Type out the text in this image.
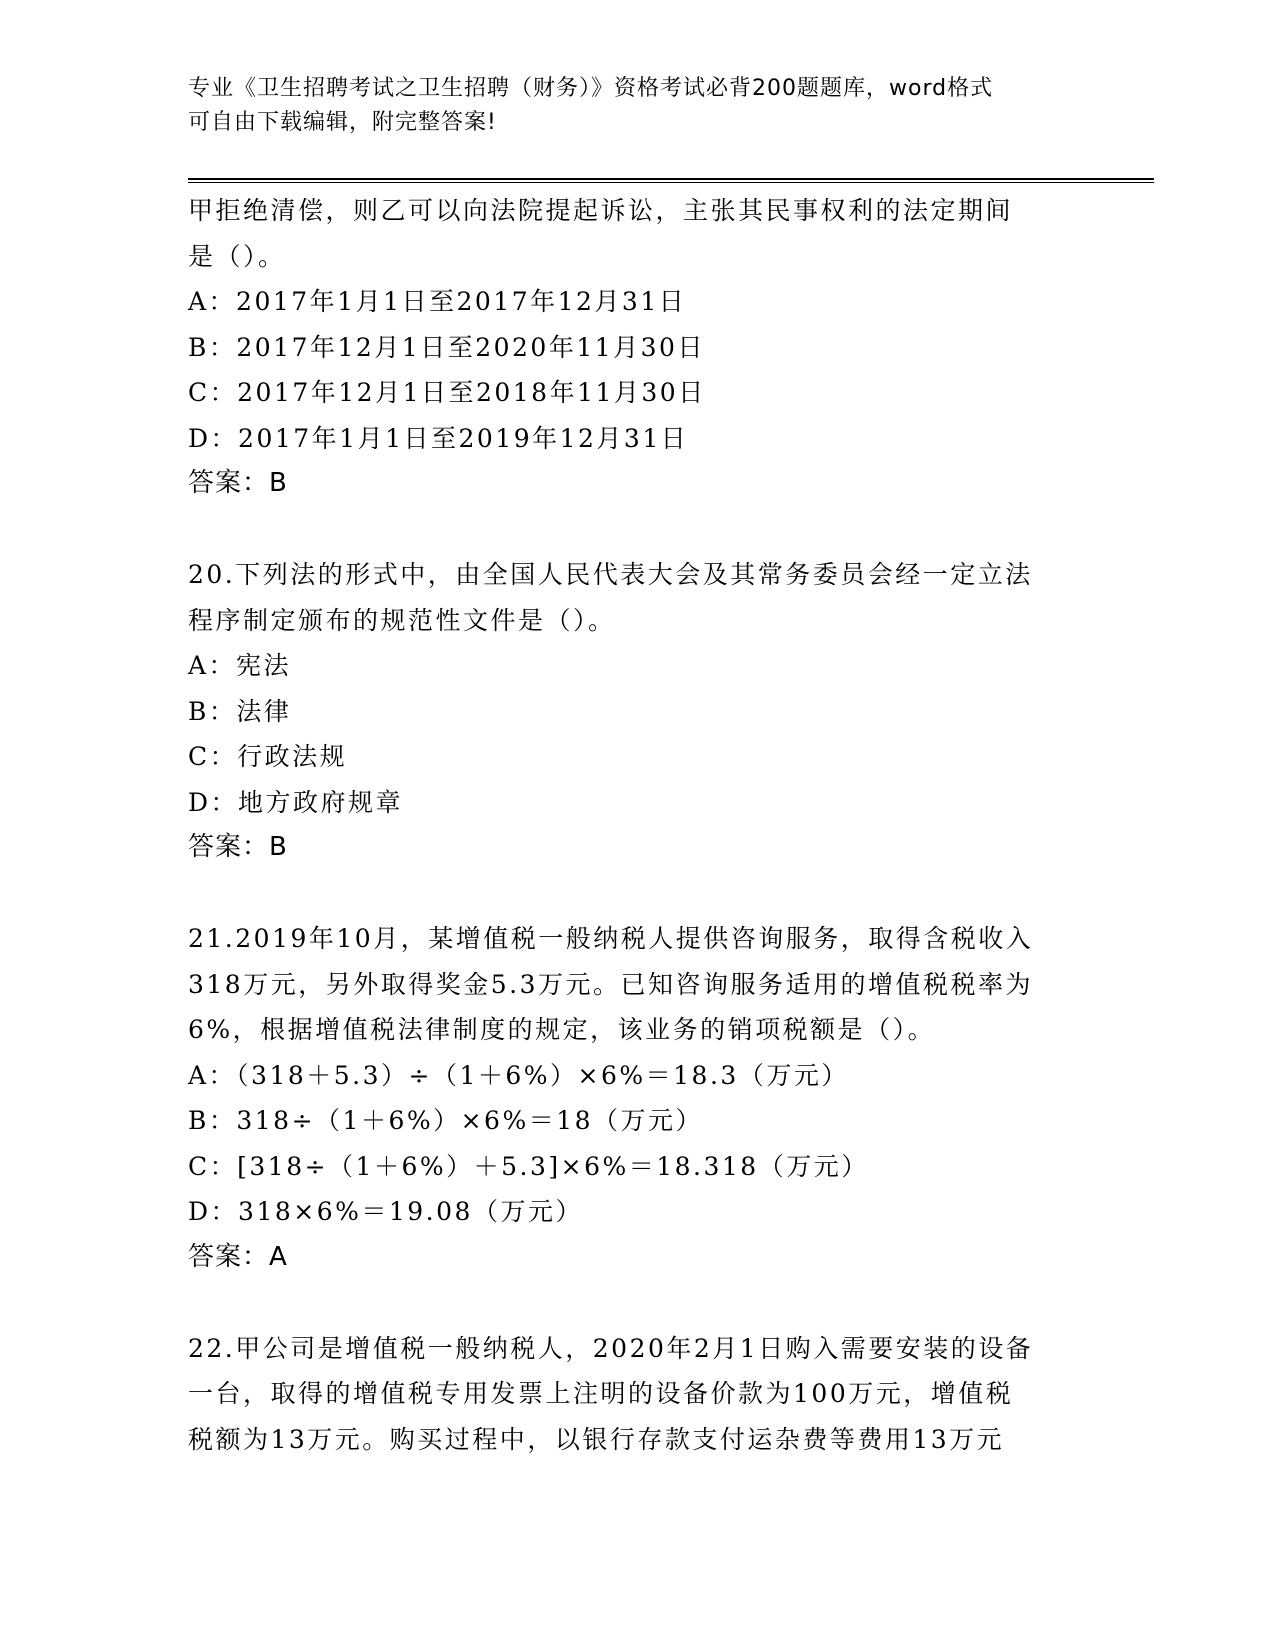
专业《卫生招聘考试之卫生招聘（财务）》资格考试必背200题题库，word格式
可自由下载编辑，附完整答案!
甲拒绝清偿，则乙可以向法院提起诉讼，主张其民事权利的法定期间
是（）。
A：2017年1月1日至2017年12月31日
B：2017年12月1日至2020年11月30日
C：2017年12月1日至2018年11月30日
D：2017年1月1日至2019年12月31日
答案：B
20.下列法的形式中，由全国人民代表大会及其常务委员会经一定立法
程序制定颁布的规范性文件是（）。
A：宪法
B：法律
C：行政法规
D：地方政府规章
答案：B
21.2019年10月，某增值税一般纳税人提供咨询服务，取得含税收入
318万元，另外取得奖金5.3万元。已知咨询服务适用的增值税税率为
6%，根据增值税法律制度的规定，该业务的销项税额是（）。
A：（318＋5.3）÷（1＋6%）×6%＝18.3（万元）
B：318÷（1＋6%）×6%＝18（万元）
C：[318÷（1＋6%）＋5.3]×6%＝18.318（万元）
D：318×6%＝19.08（万元）
答案：A
22.甲公司是增值税一般纳税人，2020年2月1日购入需要安装的设备
一台，取得的增值税专用发票上注明的设备价款为100万元，增值税
税额为13万元。购买过程中，以银行存款支付运杂费等费用13万元
